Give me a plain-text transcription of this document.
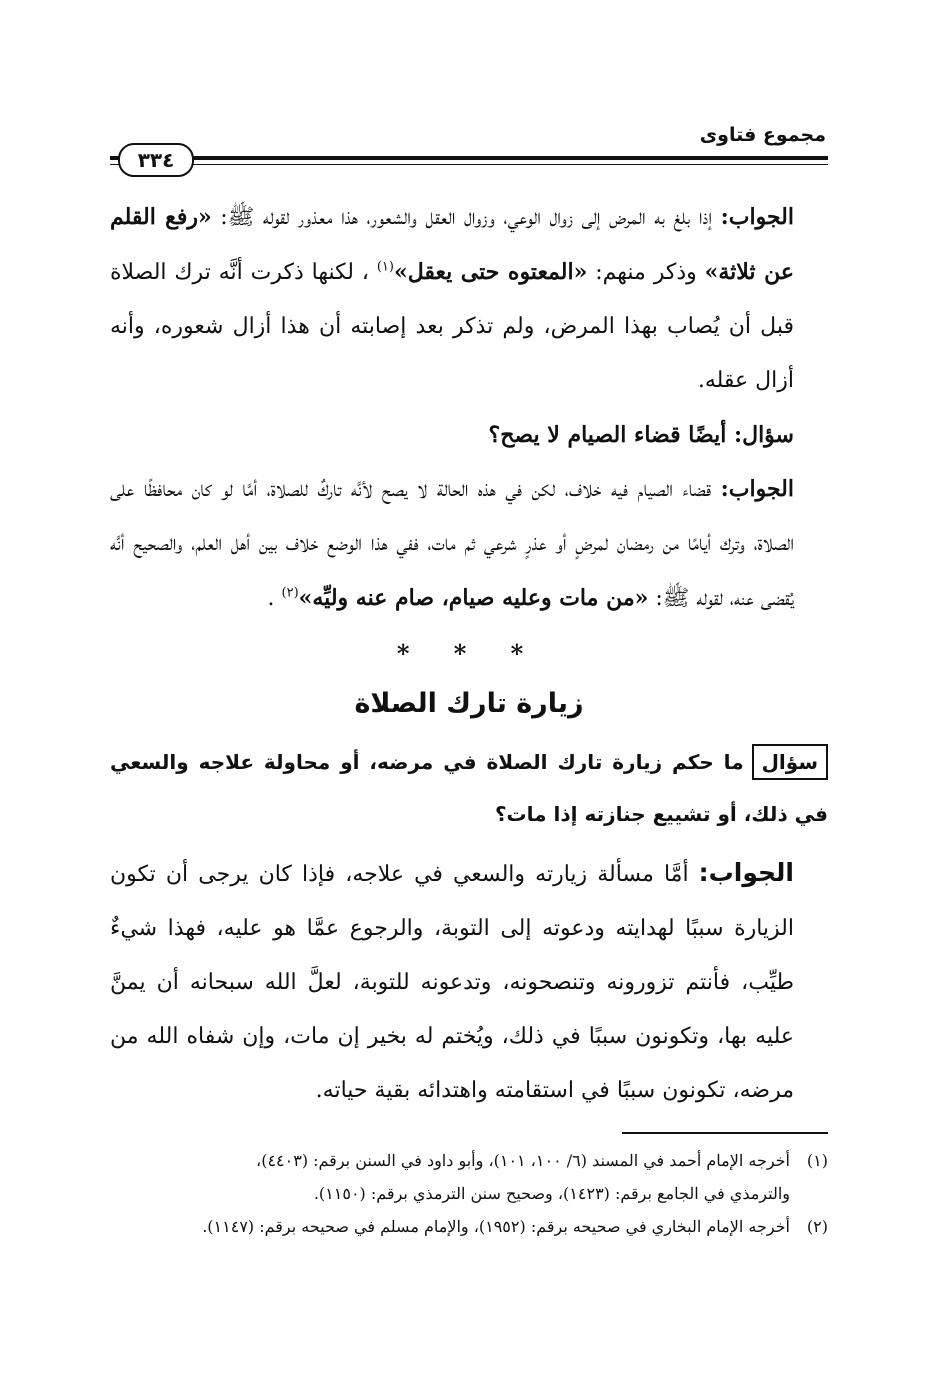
مجموع فتاوى
٣٣٤

الجواب: إذا بلغ به المرض إلى زوال الوعي، وزوال العقل والشعور، هذا معذور لقوله ﷺ: «رفع القلم عن ثلاثة» وذكر منهم: «المعتوه حتى يعقل»$^{(١)}$ ، لكنها ذكرت أنَّه ترك الصلاة قبل أن يُصاب بهذا المرض، ولم تذكر بعد إصابته أن هذا أزال شعوره، وأنه أزال عقله.

سؤال: أيضًا قضاء الصيام لا يصح؟

الجواب: قضاء الصيام فيه خلاف، لكن في هذه الحالة لا يصح لأنَّه تاركٌ للصلاة، أمَّا لو كان محافظًا على الصلاة، وترك أيامًا من رمضان لمرضٍ أو عذرٍ شرعي ثم مات، ففي هذا الوضع خلاف بين أهل العلم، والصحيح أنَّه يُقضى عنه، لقوله ﷺ: «من مات وعليه صيام، صام عنه وليِّه»$^{(٢)}$ .

* * *

زيارة تارك الصلاة

سؤالما حكم زيارة تارك الصلاة في مرضه، أو محاولة علاجه والسعي في ذلك، أو تشييع جنازته إذا مات؟

الجواب: أمَّا مسألة زيارته والسعي في علاجه، فإذا كان يرجى أن تكون الزيارة سببًا لهدايته ودعوته إلى التوبة، والرجوع عمَّا هو عليه، فهذا شيءٌ طيِّب، فأنتم تزورونه وتنصحونه، وتدعونه للتوبة، لعلَّ الله سبحانه أن يمنَّ عليه بها، وتكونون سببًا في ذلك، ويُختم له بخير إن مات، وإن شفاه الله من مرضه، تكونون سببًا في استقامته واهتدائه بقية حياته.

(١)أخرجه الإمام أحمد في المسند (٦/ ١٠٠، ١٠١)، وأبو داود في السنن برقم: (٤٤٠٣)،

والترمذي في الجامع برقم: (١٤٢٣)، وصحيح سنن الترمذي برقم: (١١٥٠).

(٢)أخرجه الإمام البخاري في صحيحه برقم: (١٩٥٢)، والإمام مسلم في صحيحه برقم: (١١٤٧).
